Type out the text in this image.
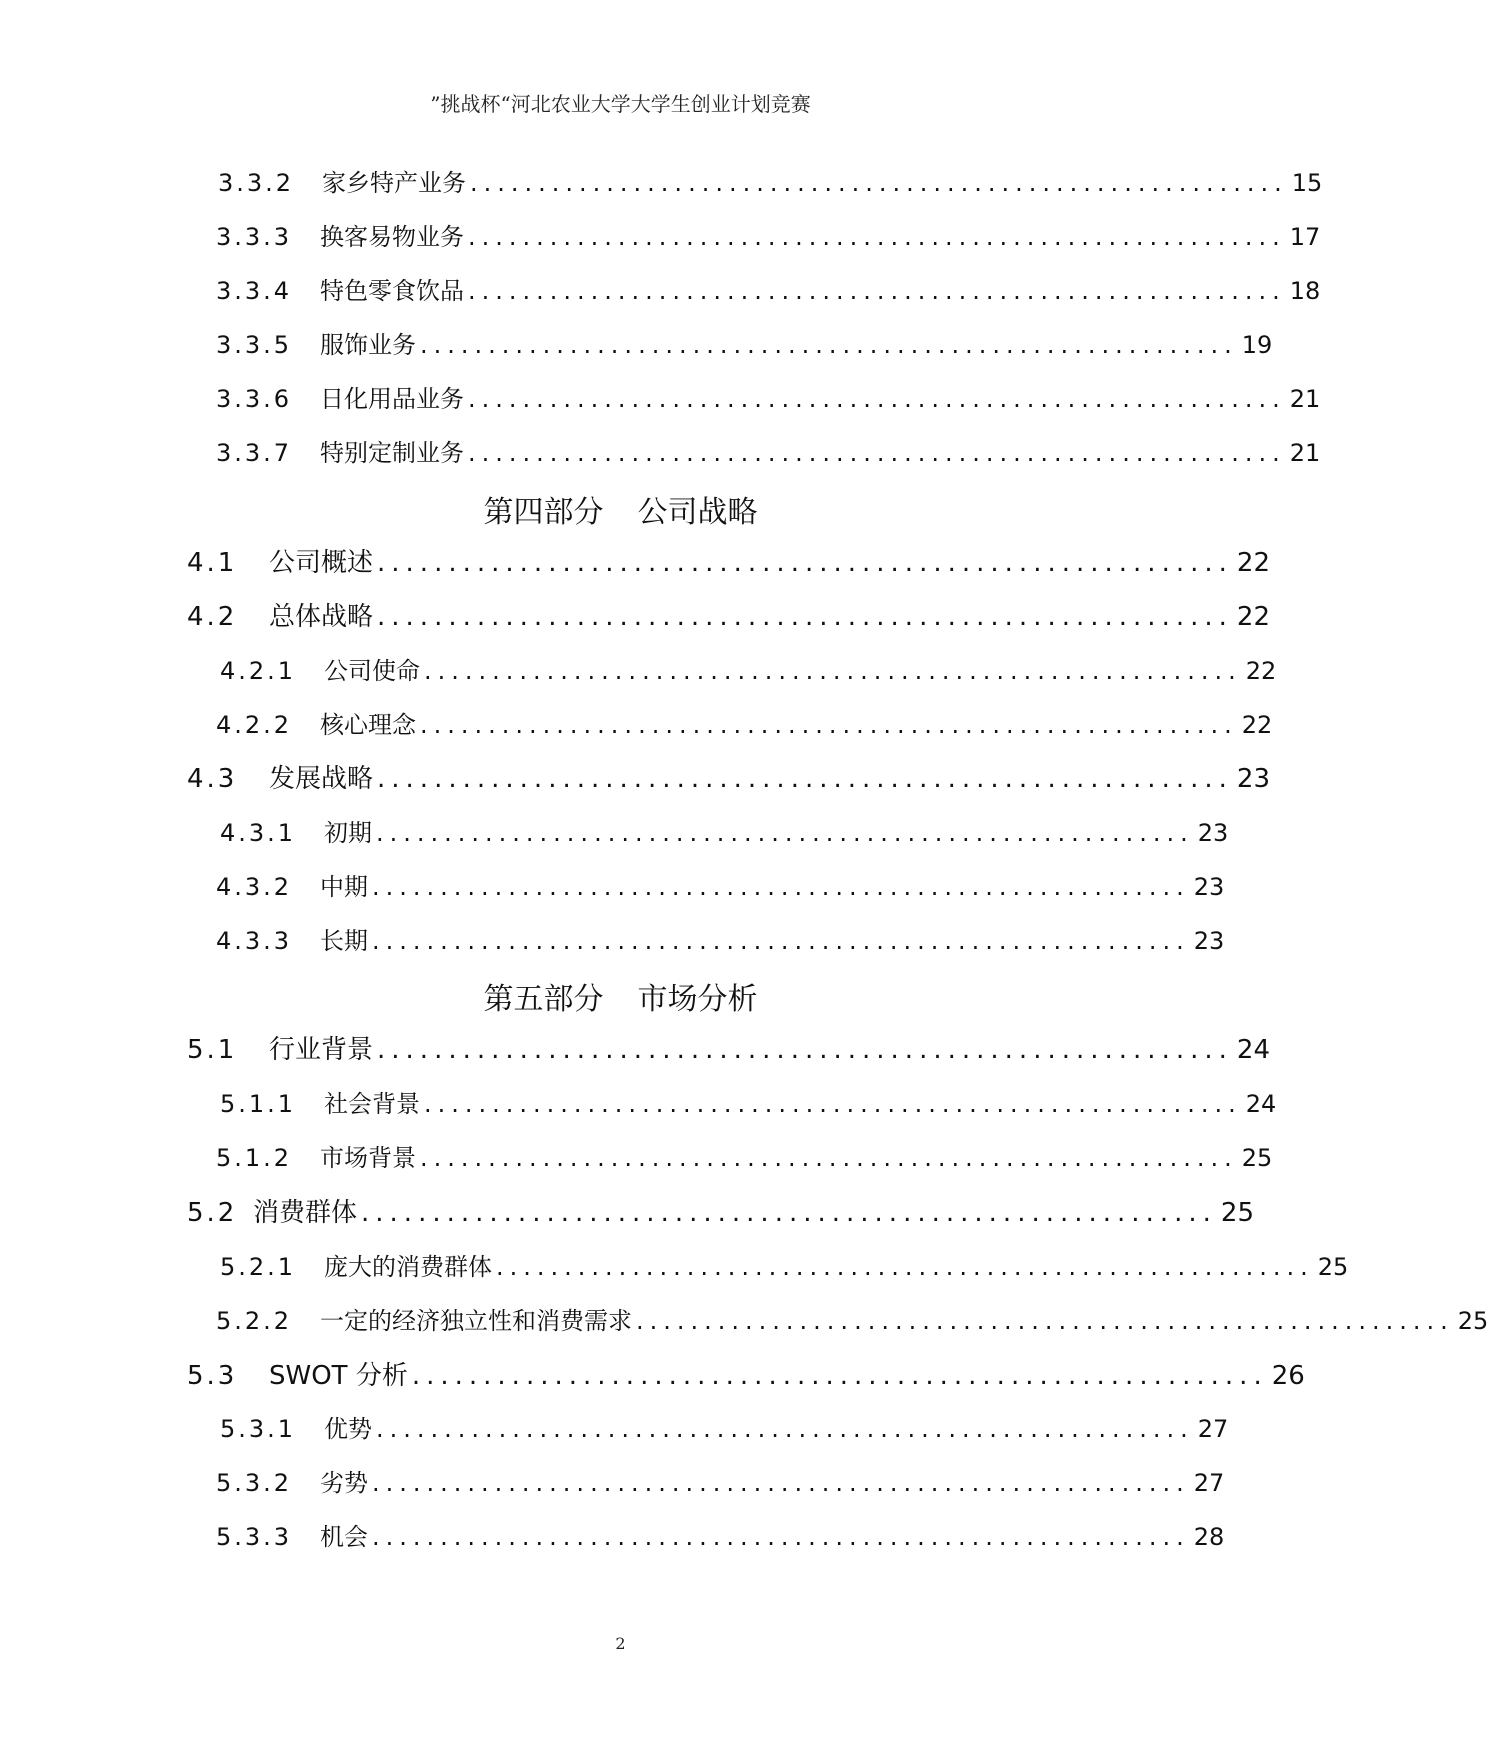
”挑战杯“河北农业大学大学生创业计划竞赛
3.3.2	家乡特产业务 ............................................................ 15
3.3.3	换客易物业务 ............................................................ 17
3.3.4	特色零食饮品 ............................................................ 18
3.3.5	服饰业务 ............................................................ 19
3.3.6	日化用品业务 ............................................................ 21
3.3.7	特别定制业务 ............................................................ 21
第四部分 公司战略
4.1	公司概述 ............................................................ 22
4.2	总体战略 ............................................................ 22
4.2.1	公司使命 ............................................................ 22
4.2.2	核心理念 ............................................................ 22
4.3	发展战略 ............................................................ 23
4.3.1	初期 ............................................................ 23
4.3.2	中期 ............................................................ 23
4.3.3	长期 ............................................................ 23
第五部分 市场分析
5.1	行业背景 ............................................................ 24
5.1.1	社会背景 ............................................................ 24
5.1.2	市场背景 ............................................................ 25
5.2 消费群体 ............................................................ 25
5.2.1	庞大的消费群体 ............................................................ 25
5.2.2	一定的经济独立性和消费需求 ............................................................ 25
5.3	SWOT 分析 ............................................................ 26
5.3.1	优势 ............................................................ 27
5.3.2	劣势 ............................................................ 27
5.3.3	机会 ............................................................ 28
2
